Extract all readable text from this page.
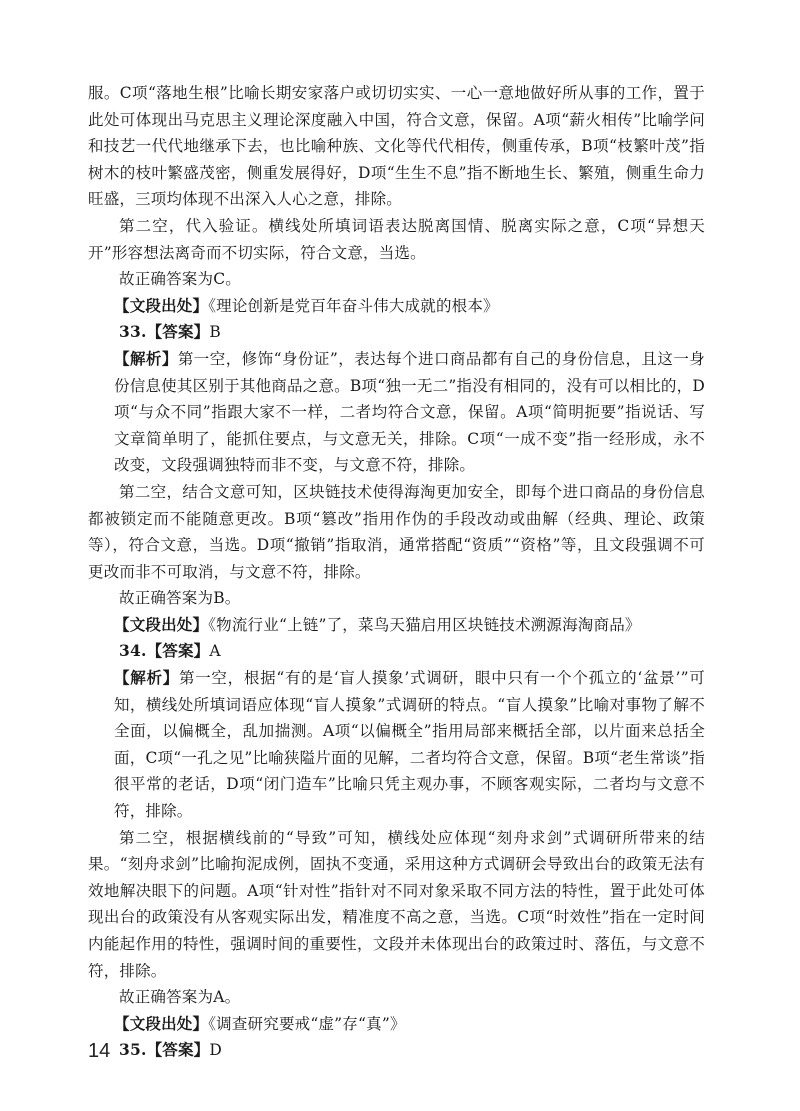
服。C项“落地生根”比喻长期安家落户或切切实实、一心一意地做好所从事的工作，置于此处可体现出马克思主义理论深度融入中国，符合文意，保留。A项“薪火相传”比喻学问和技艺一代代地继承下去，也比喻种族、文化等代代相传，侧重传承，B项“枝繁叶茂”指树木的枝叶繁盛茂密，侧重发展得好，D项“生生不息”指不断地生长、繁殖，侧重生命力旺盛，三项均体现不出深入人心之意，排除。

第二空，代入验证。横线处所填词语表达脱离国情、脱离实际之意，C项“异想天开”形容想法离奇而不切实际，符合文意，当选。

故正确答案为C。

【文段出处】《理论创新是党百年奋斗伟大成就的根本》

33.【答案】B

【解析】第一空，修饰“身份证”，表达每个进口商品都有自己的身份信息，且这一身份信息使其区别于其他商品之意。B项“独一无二”指没有相同的，没有可以相比的，D项“与众不同”指跟大家不一样，二者均符合文意，保留。A项“简明扼要”指说话、写文章简单明了，能抓住要点，与文意无关，排除。C项“一成不变”指一经形成，永不改变，文段强调独特而非不变，与文意不符，排除。

第二空，结合文意可知，区块链技术使得海淘更加安全，即每个进口商品的身份信息都被锁定而不能随意更改。B项“篡改”指用作伪的手段改动或曲解（经典、理论、政策等），符合文意，当选。D项“撤销”指取消，通常搭配“资质”“资格”等，且文段强调不可更改而非不可取消，与文意不符，排除。

故正确答案为B。

【文段出处】《物流行业“上链”了，菜鸟天猫启用区块链技术溯源海淘商品》

34.【答案】A

【解析】第一空，根据“有的是‘盲人摸象’式调研，眼中只有一个个孤立的‘盆景’”可知，横线处所填词语应体现“盲人摸象”式调研的特点。“盲人摸象”比喻对事物了解不全面，以偏概全，乱加揣测。A项“以偏概全”指用局部来概括全部，以片面来总括全面，C项“一孔之见”比喻狭隘片面的见解，二者均符合文意，保留。B项“老生常谈”指很平常的老话，D项“闭门造车”比喻只凭主观办事，不顾客观实际，二者均与文意不符，排除。

第二空，根据横线前的“导致”可知，横线处应体现“刻舟求剑”式调研所带来的结果。“刻舟求剑”比喻拘泥成例，固执不变通，采用这种方式调研会导致出台的政策无法有效地解决眼下的问题。A项“针对性”指针对不同对象采取不同方法的特性，置于此处可体现出台的政策没有从客观实际出发，精准度不高之意，当选。C项“时效性”指在一定时间内能起作用的特性，强调时间的重要性，文段并未体现出台的政策过时、落伍，与文意不符，排除。

故正确答案为A。

【文段出处】《调查研究要戒“虚”存“真”》

35.【答案】D

14
